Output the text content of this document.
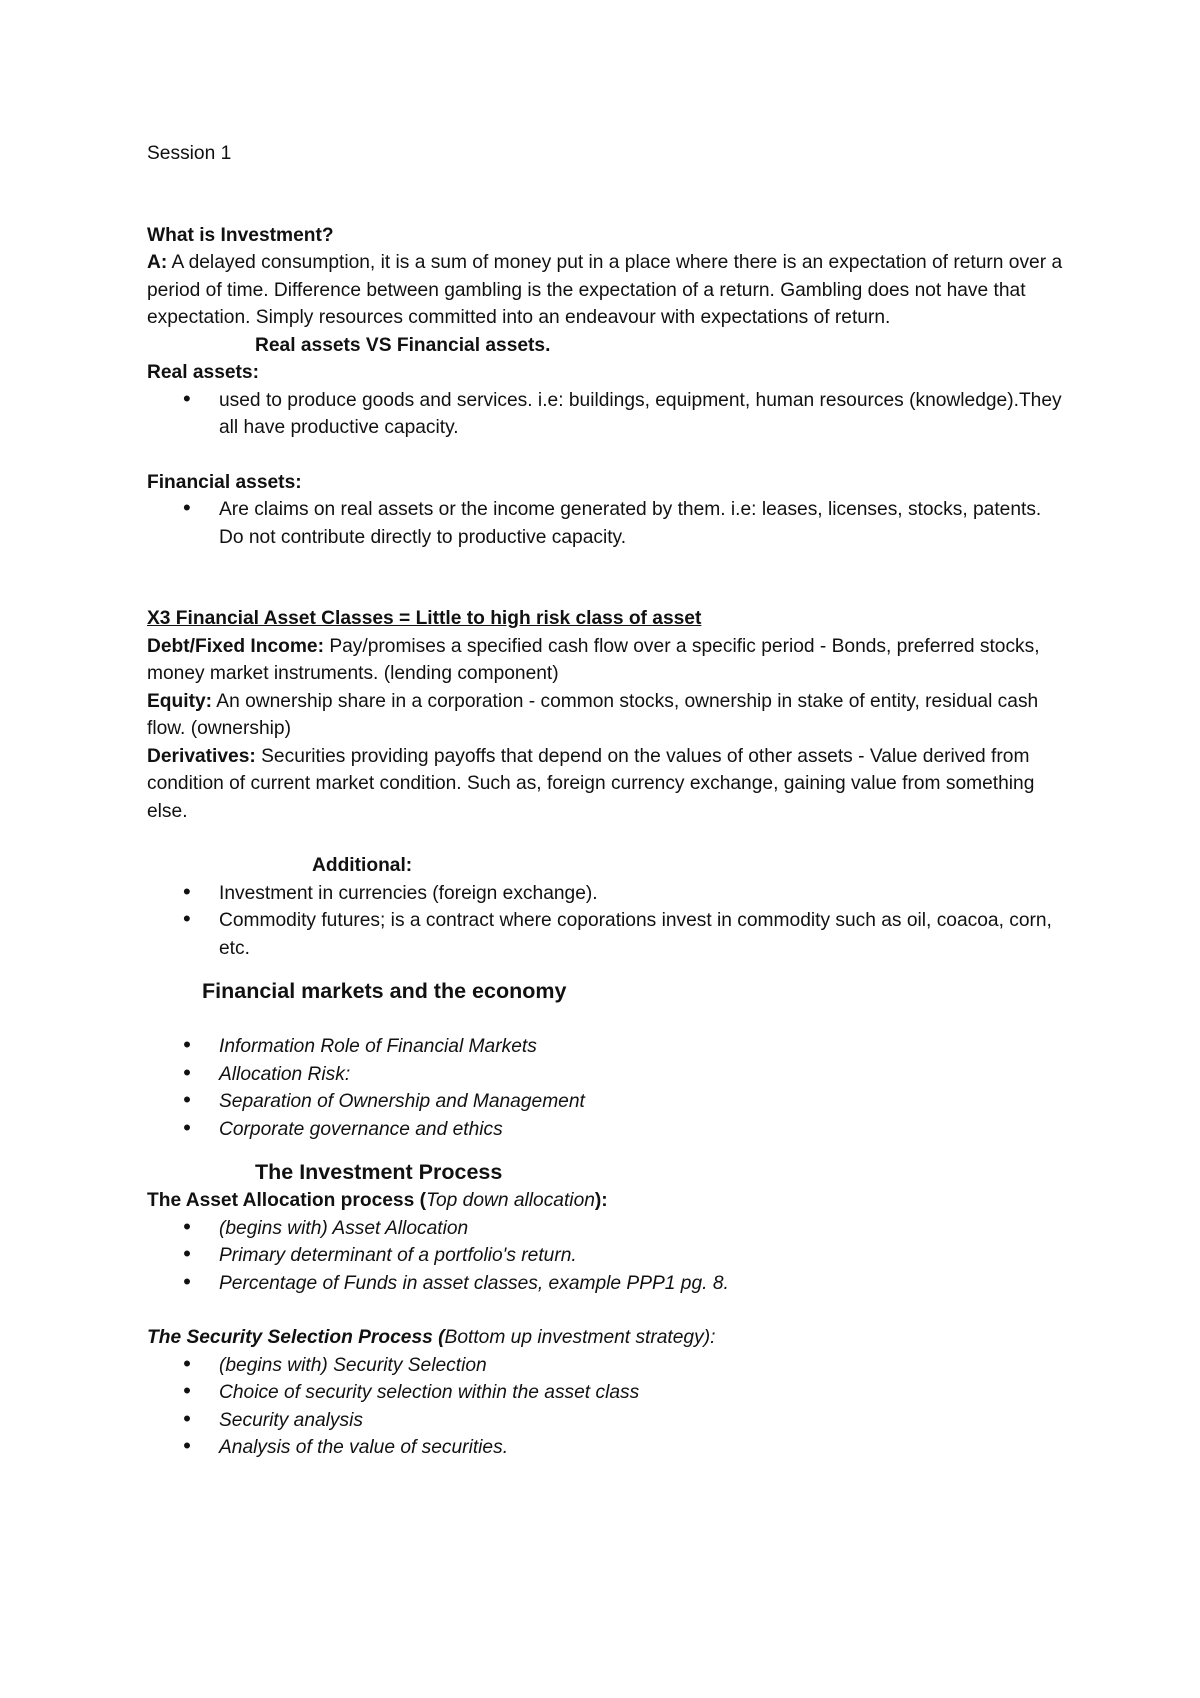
Session 1

What is Investment?

A: A delayed consumption, it is a sum of money put in a place where there is an expectation of return over a period of time. Difference between gambling is the expectation of a return. Gambling does not have that expectation. Simply resources committed into an endeavour with expectations of return.

Real assets VS Financial assets.

Real assets:

• used to produce goods and services. i.e: buildings, equipment, human resources (knowledge).They all have productive capacity.

Financial assets:

• Are claims on real assets or the income generated by them. i.e: leases, licenses, stocks, patents. Do not contribute directly to productive capacity.

X3 Financial Asset Classes = Little to high risk class of asset

Debt/Fixed Income: Pay/promises a specified cash flow over a specific period - Bonds, preferred stocks, money market instruments. (lending component)

Equity: An ownership share in a corporation - common stocks, ownership in stake of entity, residual cash flow. (ownership)

Derivatives: Securities providing payoffs that depend on the values of other assets - Value derived from condition of current market condition. Such as, foreign currency exchange, gaining value from something else.

Additional:

• Investment in currencies (foreign exchange).
• Commodity futures; is a contract where coporations invest in commodity such as oil, coacoa, corn, etc.

Financial markets and the economy

• Information Role of Financial Markets
• Allocation Risk:
• Separation of Ownership and Management
• Corporate governance and ethics

The Investment Process

The Asset Allocation process (Top down allocation):

• (begins with) Asset Allocation
• Primary determinant of a portfolio's return.
• Percentage of Funds in asset classes, example PPP1 pg. 8.

The Security Selection Process (Bottom up investment strategy):

• (begins with) Security Selection
• Choice of security selection within the asset class
• Security analysis
• Analysis of the value of securities.
